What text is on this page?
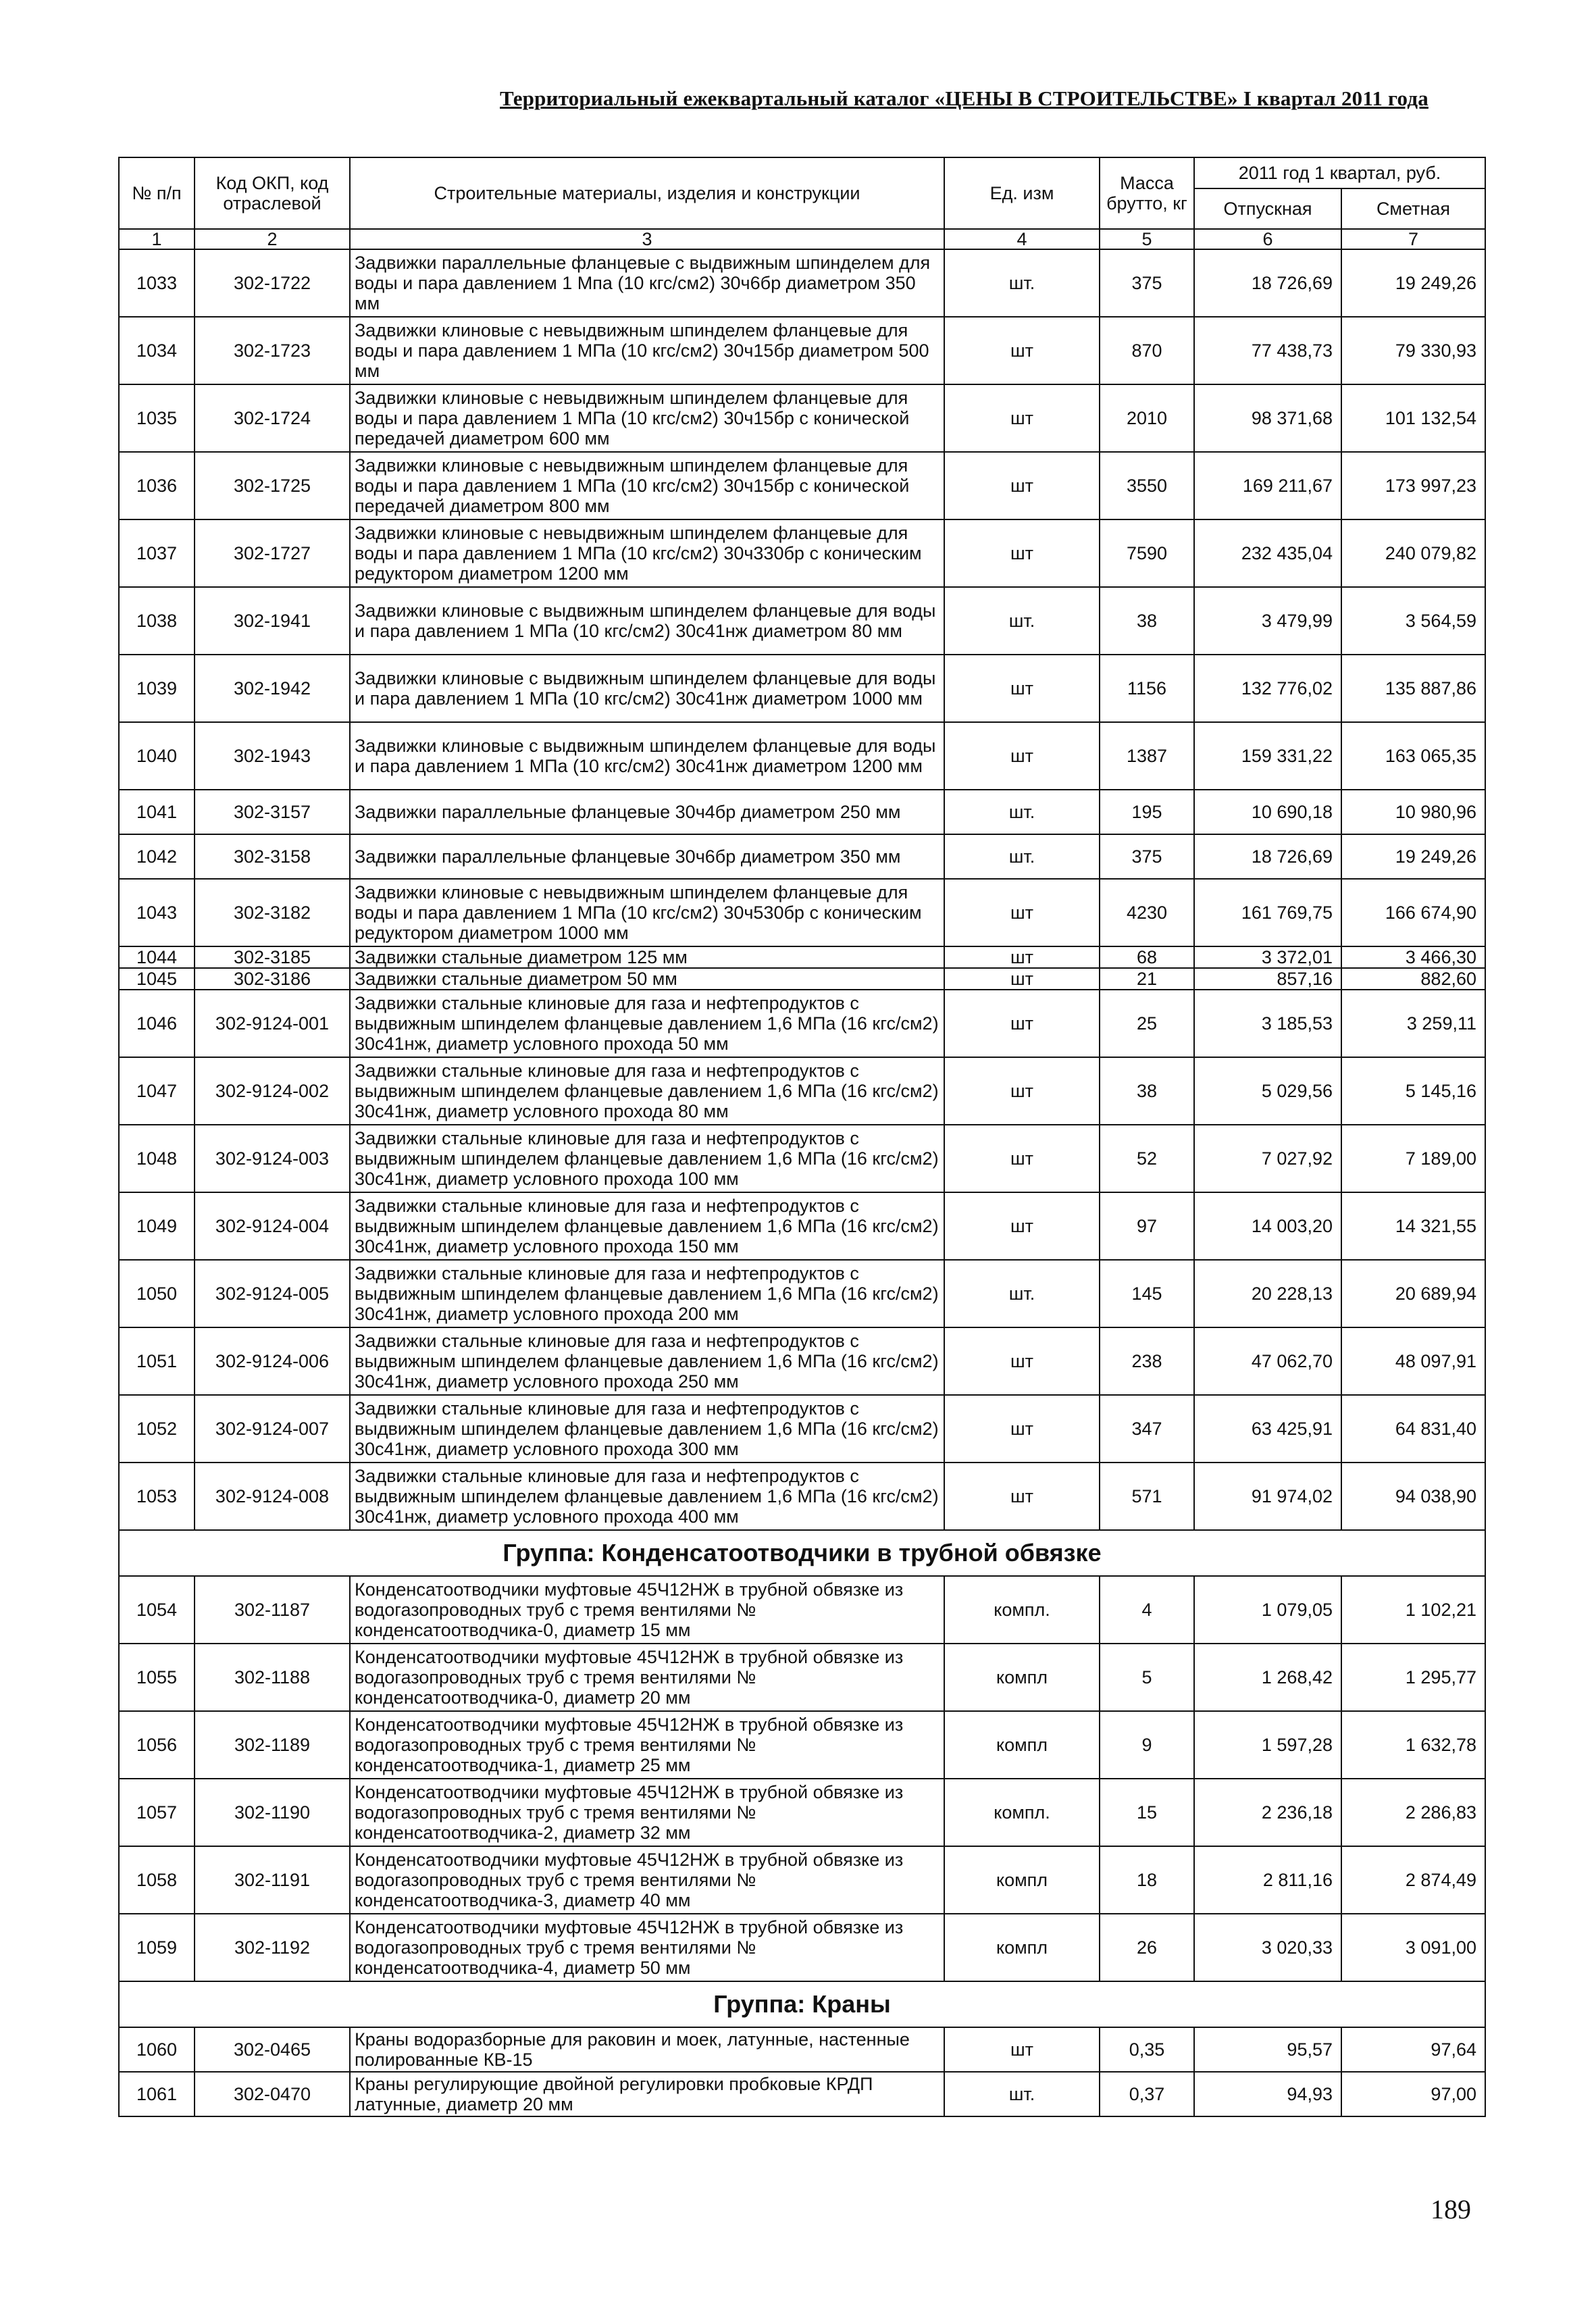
Территориальный ежеквартальный каталог «ЦЕНЫ В СТРОИТЕЛЬСТВЕ» I квартал 2011 года
№ п/п	Код ОКП, код отраслевой	Строительные материалы, изделия и конструкции	Ед. изм	Масса брутто, кг	2011 год 1 квартал, руб.	
					Отпускная	Сметная
1	2	3	4	5	6	7
1033	302-1722	Задвижки параллельные фланцевые с выдвижным шпинделем для воды и пара давлением 1 Мпа (10 кгс/см2) 30ч6бр диаметром 350 мм	шт.	375	18 726,69	19 249,26
1034	302-1723	Задвижки клиновые с невыдвижным шпинделем фланцевые для воды и пара давлением 1 МПа (10 кгс/см2) 30ч15бр диаметром 500 мм	шт	870	77 438,73	79 330,93
1035	302-1724	Задвижки клиновые с невыдвижным шпинделем фланцевые для воды и пара давлением 1 МПа (10 кгс/см2) 30ч15бр с конической передачей диаметром 600 мм	шт	2010	98 371,68	101 132,54
1036	302-1725	Задвижки клиновые с невыдвижным шпинделем фланцевые для воды и пара давлением 1 МПа (10 кгс/см2) 30ч15бр с конической передачей диаметром 800 мм	шт	3550	169 211,67	173 997,23
1037	302-1727	Задвижки клиновые с невыдвижным шпинделем фланцевые для воды и пара давлением 1 МПа (10 кгс/см2) 30ч330бр с коническим редуктором диаметром 1200 мм	шт	7590	232 435,04	240 079,82
1038	302-1941	Задвижки клиновые с выдвижным шпинделем фланцевые для воды и пара давлением 1 МПа (10 кгс/см2) 30с41нж диаметром 80 мм	шт.	38	3 479,99	3 564,59
1039	302-1942	Задвижки клиновые с выдвижным шпинделем фланцевые для воды и пара давлением 1 МПа (10 кгс/см2) 30с41нж диаметром 1000 мм	шт	1156	132 776,02	135 887,86
1040	302-1943	Задвижки клиновые с выдвижным шпинделем фланцевые для воды и пара давлением 1 МПа (10 кгс/см2) 30с41нж диаметром 1200 мм	шт	1387	159 331,22	163 065,35
1041	302-3157	Задвижки параллельные фланцевые 30ч4бр диаметром 250 мм	шт.	195	10 690,18	10 980,96
1042	302-3158	Задвижки параллельные фланцевые 30ч6бр диаметром 350 мм	шт.	375	18 726,69	19 249,26
1043	302-3182	Задвижки клиновые с невыдвижным шпинделем фланцевые для воды и пара давлением 1 МПа (10 кгс/см2) 30ч530бр с коническим редуктором диаметром 1000 мм	шт	4230	161 769,75	166 674,90
1044	302-3185	Задвижки стальные диаметром 125 мм	шт	68	3 372,01	3 466,30
1045	302-3186	Задвижки стальные диаметром 50 мм	шт	21	857,16	882,60
1046	302-9124-001	Задвижки стальные клиновые для газа и нефтепродуктов с выдвижным шпинделем фланцевые давлением 1,6 МПа (16 кгс/см2) 30с41нж, диаметр условного прохода 50 мм	шт	25	3 185,53	3 259,11
1047	302-9124-002	Задвижки стальные клиновые для газа и нефтепродуктов с выдвижным шпинделем фланцевые давлением 1,6 МПа (16 кгс/см2) 30с41нж, диаметр условного прохода 80 мм	шт	38	5 029,56	5 145,16
1048	302-9124-003	Задвижки стальные клиновые для газа и нефтепродуктов с выдвижным шпинделем фланцевые давлением 1,6 МПа (16 кгс/см2) 30с41нж, диаметр условного прохода 100 мм	шт	52	7 027,92	7 189,00
1049	302-9124-004	Задвижки стальные клиновые для газа и нефтепродуктов с выдвижным шпинделем фланцевые давлением 1,6 МПа (16 кгс/см2) 30с41нж, диаметр условного прохода 150 мм	шт	97	14 003,20	14 321,55
1050	302-9124-005	Задвижки стальные клиновые для газа и нефтепродуктов с выдвижным шпинделем фланцевые давлением 1,6 МПа (16 кгс/см2) 30с41нж, диаметр условного прохода 200 мм	шт.	145	20 228,13	20 689,94
1051	302-9124-006	Задвижки стальные клиновые для газа и нефтепродуктов с выдвижным шпинделем фланцевые давлением 1,6 МПа (16 кгс/см2) 30с41нж, диаметр условного прохода 250 мм	шт	238	47 062,70	48 097,91
1052	302-9124-007	Задвижки стальные клиновые для газа и нефтепродуктов с выдвижным шпинделем фланцевые давлением 1,6 МПа (16 кгс/см2) 30с41нж, диаметр условного прохода 300 мм	шт	347	63 425,91	64 831,40
1053	302-9124-008	Задвижки стальные клиновые для газа и нефтепродуктов с выдвижным шпинделем фланцевые давлением 1,6 МПа (16 кгс/см2) 30с41нж, диаметр условного прохода 400 мм	шт	571	91 974,02	94 038,90
Группа: Конденсатоотводчики в трубной обвязке						
1054	302-1187	Конденсатоотводчики муфтовые 45Ч12НЖ в трубной обвязке из водогазопроводных труб с тремя вентилями № конденсатоотводчика-0, диаметр 15 мм	компл.	4	1 079,05	1 102,21
1055	302-1188	Конденсатоотводчики муфтовые 45Ч12НЖ в трубной обвязке из водогазопроводных труб с тремя вентилями № конденсатоотводчика-0, диаметр 20 мм	компл	5	1 268,42	1 295,77
1056	302-1189	Конденсатоотводчики муфтовые 45Ч12НЖ в трубной обвязке из водогазопроводных труб с тремя вентилями № конденсатоотводчика-1, диаметр 25 мм	компл	9	1 597,28	1 632,78
1057	302-1190	Конденсатоотводчики муфтовые 45Ч12НЖ в трубной обвязке из водогазопроводных труб с тремя вентилями № конденсатоотводчика-2, диаметр 32 мм	компл.	15	2 236,18	2 286,83
1058	302-1191	Конденсатоотводчики муфтовые 45Ч12НЖ в трубной обвязке из водогазопроводных труб с тремя вентилями № конденсатоотводчика-3, диаметр 40 мм	компл	18	2 811,16	2 874,49
1059	302-1192	Конденсатоотводчики муфтовые 45Ч12НЖ в трубной обвязке из водогазопроводных труб с тремя вентилями № конденсатоотводчика-4, диаметр 50 мм	компл	26	3 020,33	3 091,00
Группа: Краны						
1060	302-0465	Краны водоразборные для раковин и моек, латунные, настенные полированные КВ-15	шт	0,35	95,57	97,64
1061	302-0470	Краны регулирующие двойной регулировки пробковые КРДП латунные, диаметр 20 мм	шт.	0,37	94,93	97,00
189
